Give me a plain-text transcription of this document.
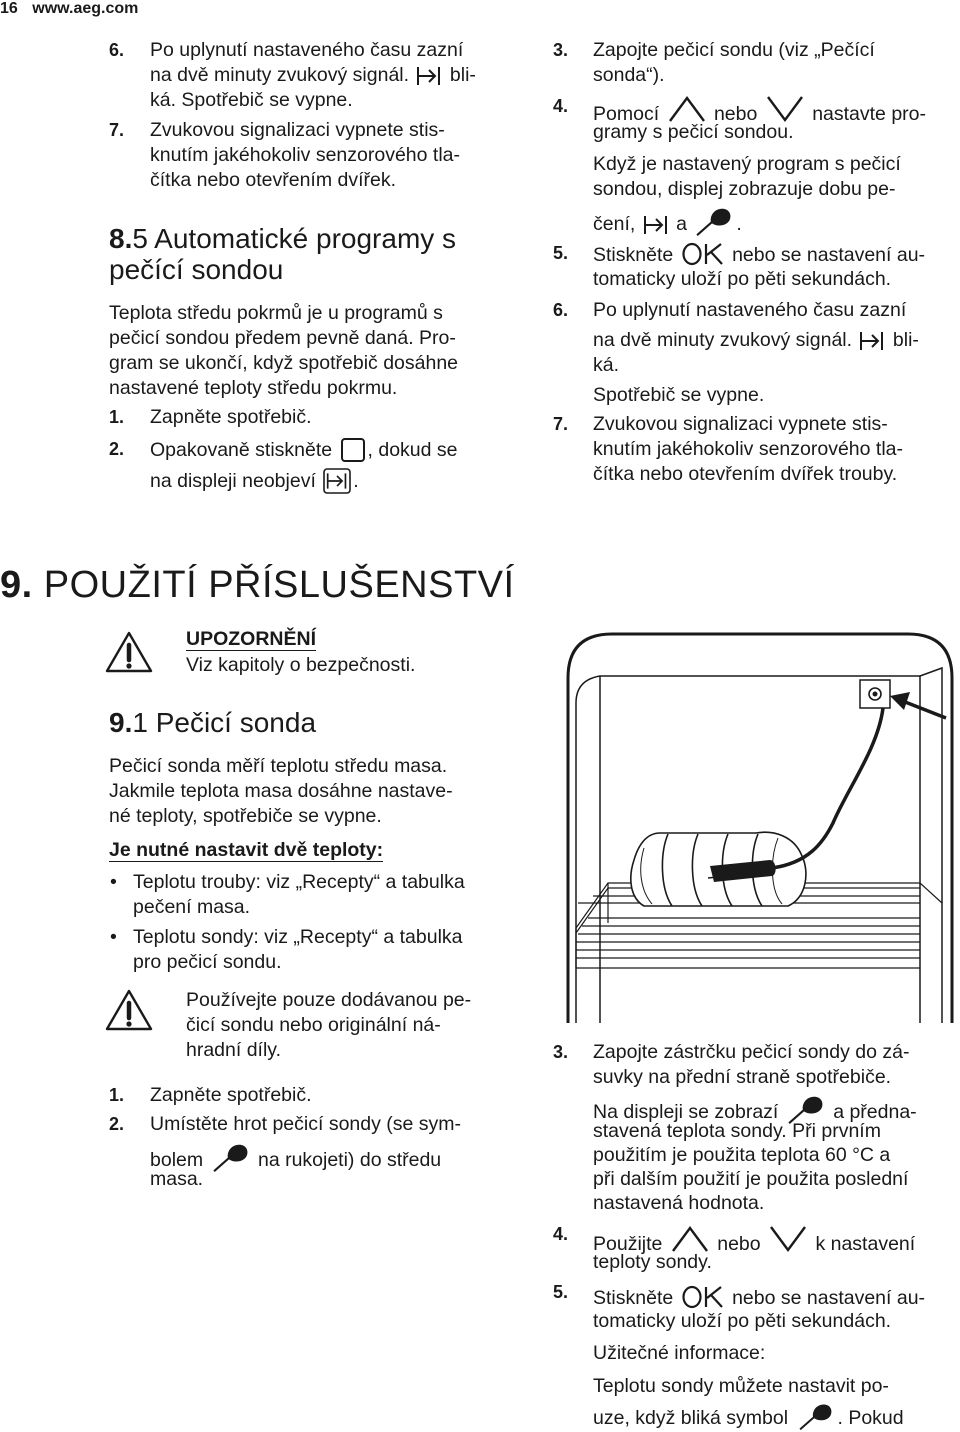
16 www.aeg.com
6. Po uplynutí nastaveného času zazní
na dvě minuty zvukový signál. bli-
ká. Spotřebič se vypne.
7. Zvukovou signalizaci vypnete stis-
knutím jakéhokoliv senzorového tla-
čítka nebo otevřením dvířek.
8.5 Automatické programy s
pečící sondou
Teplota středu pokrmů je u programů s
pečicí sondou předem pevně daná. Pro-
gram se ukončí, když spotřebič dosáhne
nastavené teploty středu pokrmu.
1. Zapněte spotřebič.
2. Opakovaně stiskněte , dokud se
na displeji neobjeví .
3. Zapojte pečicí sondu (viz „Pečící
sonda“).
4. Pomocí	nebo	nastavte pro-
gramy s pečicí sondou.
Když je nastavený program s pečicí
sondou, displej zobrazuje dobu pe-
čení, a	.
5. Stiskněte	nebo se nastavení au-
tomaticky uloží po pěti sekundách.
6. Po uplynutí nastaveného času zazní
na dvě minuty zvukový signál. bli-
ká.
Spotřebič se vypne.
7. Zvukovou signalizaci vypnete stis-
knutím jakéhokoliv senzorového tla-
čítka nebo otevřením dvířek trouby.
9. POUŽITÍ PŘÍSLUŠENSTVÍ
UPOZORNĚNÍ
Viz kapitoly o bezpečnosti.
9.1 Pečicí sonda
Pečicí sonda měří teplotu středu masa.
Jakmile teplota masa dosáhne nastave-
né teploty, spotřebiče se vypne.
Je nutné nastavit dvě teploty:
• Teplotu trouby: viz „Recepty“ a tabulka
pečení masa.
• Teplotu sondy: viz „Recepty“ a tabulka
pro pečicí sondu.
Používejte pouze dodávanou pe-
čicí sondu nebo originální ná-
hradní díly.
1. Zapněte spotřebič.
2. Umístěte hrot pečicí sondy (se sym-
bolem	na rukojeti) do středu
masa.
3. Zapojte zástrčku pečicí sondy do zá-
suvky na přední straně spotřebiče.
Na displeji se zobrazí	a přednа-
stavená teplota sondy. Při prvním
použitím je použita teplota 60 °C a
při dalším použití je použita poslední
nastavená hodnota.
4. Použijte	nebo	k nastavení
teploty sondy.
5. Stiskněte	nebo se nastavení au-
tomaticky uloží po pěti sekundách.
Užitečné informace:
Teplotu sondy můžete nastavit po-
uze, když bliká symbol	. Pokud
